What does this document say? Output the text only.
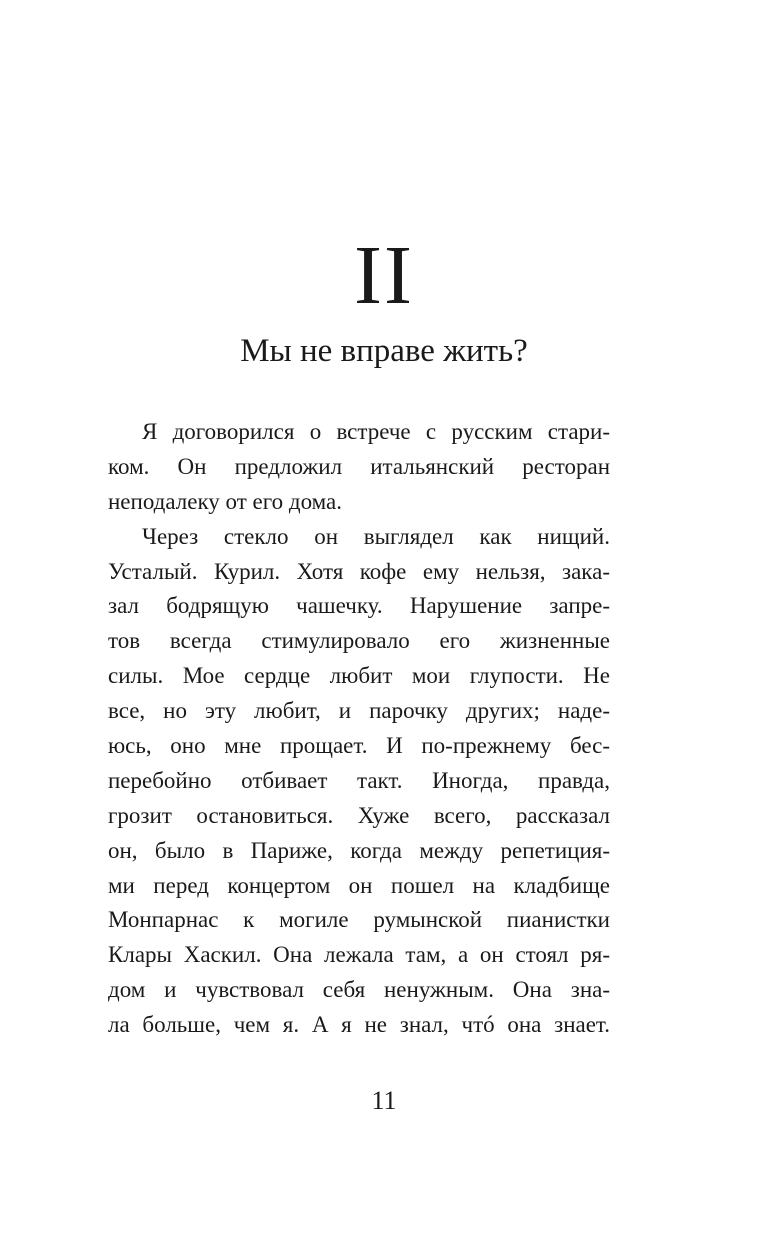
II
Мы не вправе жить?
Я договорился о встрече с русским стари-
ком. Он предложил итальянский ресторан
неподалеку от его дома.
Через стекло он выглядел как нищий.
Усталый. Курил. Хотя кофе ему нельзя, зака-
зал бодрящую чашечку. Нарушение запре-
тов всегда стимулировало его жизненные
силы. Мое сердце любит мои глупости. Не
все, но эту любит, и парочку других; наде-
юсь, оно мне прощает. И по-прежнему бес-
перебойно отбивает такт. Иногда, правда,
грозит остановиться. Хуже всего, рассказал
он, было в Париже, когда между репетиция-
ми перед концертом он пошел на кладбище
Монпарнас к могиле румынской пианистки
Клары Хаскил. Она лежала там, а он стоял ря-
дом и чувствовал себя ненужным. Она зна-
ла больше, чем я. А я не знал, чтó она знает.
11
